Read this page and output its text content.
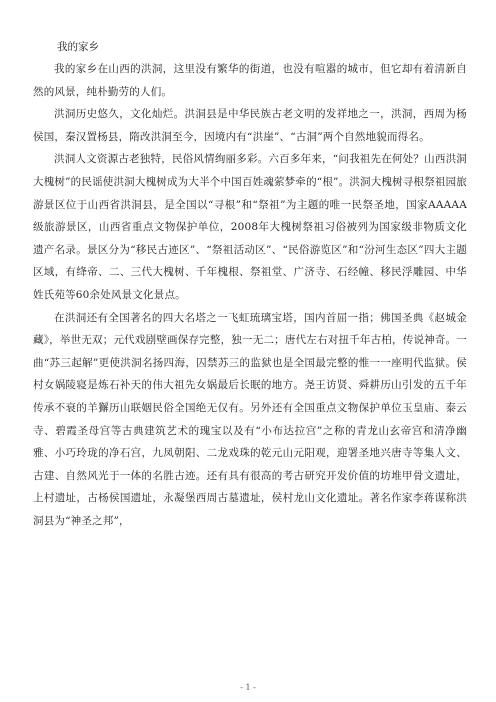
我的家乡

我的家乡在山西的洪洞，这里没有繁华的街道，也没有喧嚣的城市，但它却有着清新自然的风景，纯朴勤劳的人们。

洪洞历史悠久，文化灿烂。洪洞县是中华民族古老文明的发祥地之一，洪洞，西周为杨侯国，秦汉置杨县，隋改洪洞至今，因境内有“洪崖”、“古洞”两个自然地貌而得名。

洪洞人文资源古老独特，民俗风情绚丽多彩。六百多年来，“问我祖先在何处？山西洪洞大槐树”的民谣使洪洞大槐树成为大半个中国百姓魂萦梦牵的“根”。洪洞大槐树寻根祭祖园旅游景区位于山西省洪洞县，是全国以“寻根”和“祭祖”为主题的唯一民祭圣地，国家AAAAA级旅游景区，山西省重点文物保护单位，2008年大槐树祭祖习俗被列为国家级非物质文化遗产名录。景区分为“移民古迹区”、“祭祖活动区”、“民俗游览区”和“汾河生态区”四大主题区域，有绛帝、二、三代大槐树、千年槐根、祭祖堂、广济寺、石经幢、移民浮雕园、中华姓氏苑等60余处风景文化景点。

在洪洞还有全国著名的四大名塔之一飞虹琉璃宝塔，国内首屈一指；佛国圣典《赵城金藏》，举世无双；元代戏剧壁画保存完整，独一无二；唐代左右对扭千年古柏，传说神奇。一曲“苏三起解”更使洪洞名扬四海，囚禁苏三的监狱也是全国最完整的惟一一座明代监狱。侯村女娲陵寝是炼石补天的伟大祖先女娲最后长眠的地方。尧王访贤、舜耕历山引发的五千年传承不衰的羊獬历山联姻民俗全国绝无仅有。另外还有全国重点文物保护单位玉皇庙、泰云寺、碧霞圣母宫等古典建筑艺术的瑰宝以及有“小布达拉宫”之称的青龙山玄帝宫和清净幽雅、小巧玲珑的净石宫，九凤朝阳、二龙戏珠的乾元山元阳观，迎署圣地兴唐寺等集人文、古建、自然风光于一体的名胜古迹。还有具有很高的考古研究开发价值的坊堆甲骨文遗址，上村遗址，古杨侯国遗址，永凝堡西周古墓遗址，侯村龙山文化遗址。著名作家李蒋谋称洪洞县为“神圣之邦”，

- 1 -
